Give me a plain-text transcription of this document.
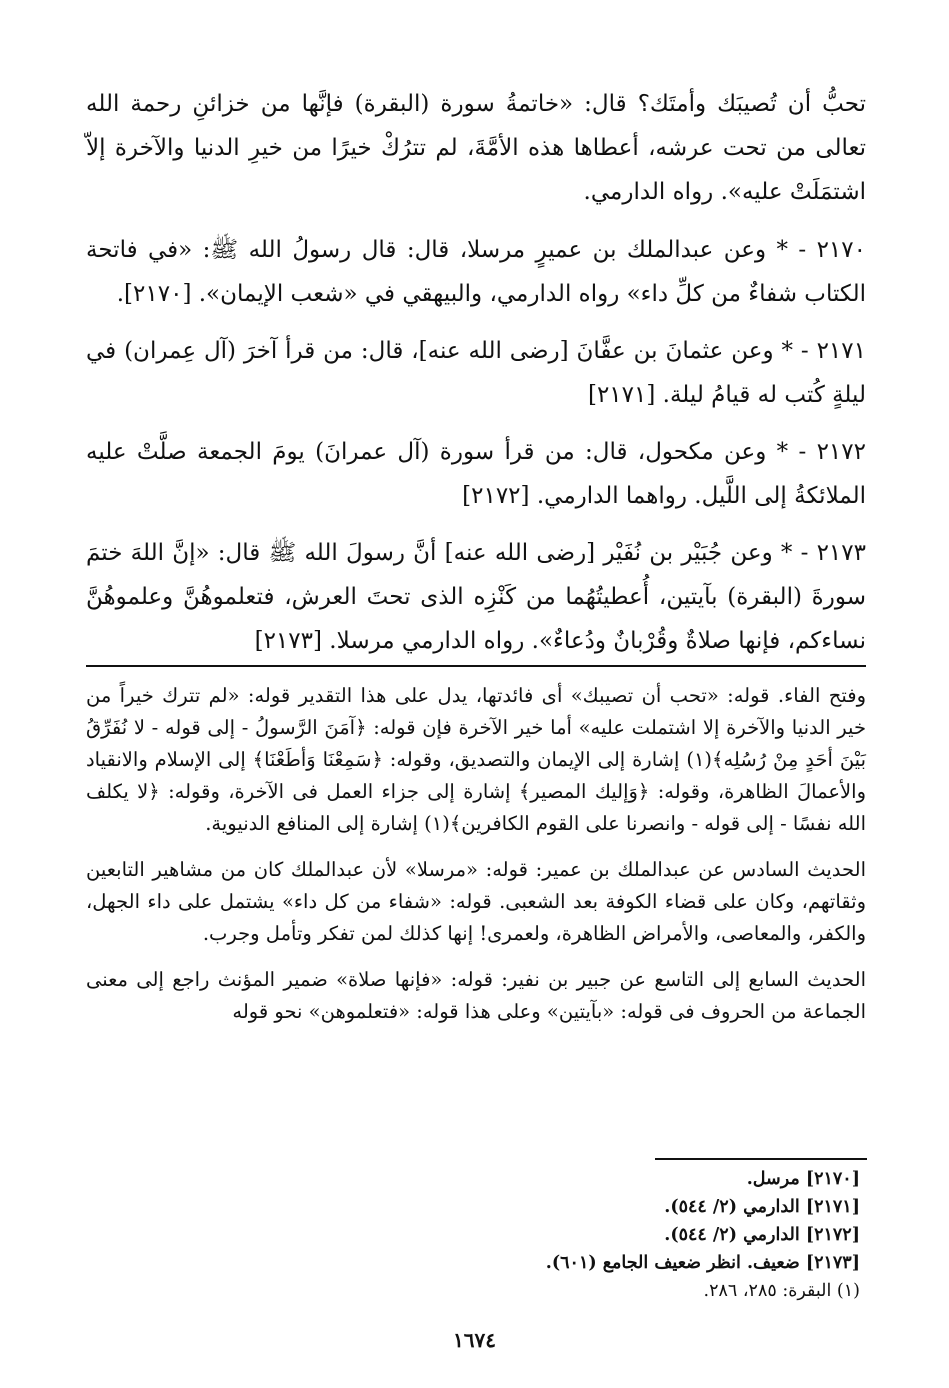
تحبُّ أن تُصيبَك وأمتَك؟ قال: «خاتمةُ سورة (البقرة) فإنَّها من خزائنِ رحمة الله تعالى من تحت عرشه، أعطاها هذه الأمَّةَ، لم تترُكْ خيرًا من خيرِ الدنيا والآخرة إلاّ اشتمَلَتْ عليه». رواه الدارمي.

٢١٧٠ - * وعن عبدالملك بن عميرٍ مرسلا، قال: قال رسولُ الله ﷺ: «في فاتحة الكتاب شفاءٌ من كلِّ داء» رواه الدارمي، والبيهقي في «شعب الإيمان». [٢١٧٠].

٢١٧١ - * وعن عثمانَ بن عفَّانَ [رضى الله عنه]، قال: من قرأ آخرَ (آل عِمران) في ليلةٍ كُتب له قيامُ ليلة. [٢١٧١]

٢١٧٢ - * وعن مكحول، قال: من قرأ سورة (آل عمرانَ) يومَ الجمعة صلَّتْ عليه الملائكةُ إلى اللَّيل. رواهما الدارمي. [٢١٧٢]

٢١٧٣ - * وعن جُبَيْر بن نُفَيْر [رضى الله عنه] أنَّ رسولَ الله ﷺ قال: «إنَّ اللهَ ختمَ سورةَ (البقرة) بآيتين، أُعطيتُهُما من كَنْزِه الذى تحتَ العرش، فتعلموهُنَّ وعلموهُنَّ نساءكم، فإنها صلاةٌ وقُرْبانٌ ودُعاءٌ». رواه الدارمي مرسلا. [٢١٧٣]

وفتح الفاء. قوله: «تحب أن تصيبك» أى فائدتها، يدل على هذا التقدير قوله: «لم تترك خيراً من خير الدنيا والآخرة إلا اشتملت عليه» أما خير الآخرة فإن قوله: ﴿آمَنَ الرَّسولُ - إلى قوله - لا نُفَرِّقُ بَيْنَ أحَدٍ مِنْ رُسُلِه﴾(١) إشارة إلى الإيمان والتصديق، وقوله: ﴿سَمِعْنَا وَأطَعْنَا﴾ إلى الإسلام والانقياد والأعمالَ الظاهرة، وقوله: ﴿وَإليك المصير﴾ إشارة إلى جزاء العمل فى الآخرة، وقوله: ﴿لا يكلف الله نفسًا - إلى قوله - وانصرنا على القوم الكافرين﴾(١) إشارة إلى المنافع الدنيوية.

الحديث السادس عن عبدالملك بن عمير: قوله: «مرسلا» لأن عبدالملك كان من مشاهير التابعين وثقاتهم، وكان على قضاء الكوفة بعد الشعبى. قوله: «شفاء من كل داء» يشتمل على داء الجهل، والكفر، والمعاصى، والأمراض الظاهرة، ولعمرى! إنها كذلك لمن تفكر وتأمل وجرب.

الحديث السابع إلى التاسع عن جبير بن نفير: قوله: «فإنها صلاة» ضمير المؤنث راجع إلى معنى الجماعة من الحروف فى قوله: «بآيتين» وعلى هذا قوله: «فتعلموهن» نحو قوله

[٢١٧٠] مرسل.

[٢١٧١] الدارمي (٢/ ٥٤٤).

[٢١٧٢] الدارمي (٢/ ٥٤٤).

[٢١٧٣] ضعيف. انظر ضعيف الجامع (٦٠١).

(١) البقرة: ٢٨٥، ٢٨٦.

١٦٧٤
